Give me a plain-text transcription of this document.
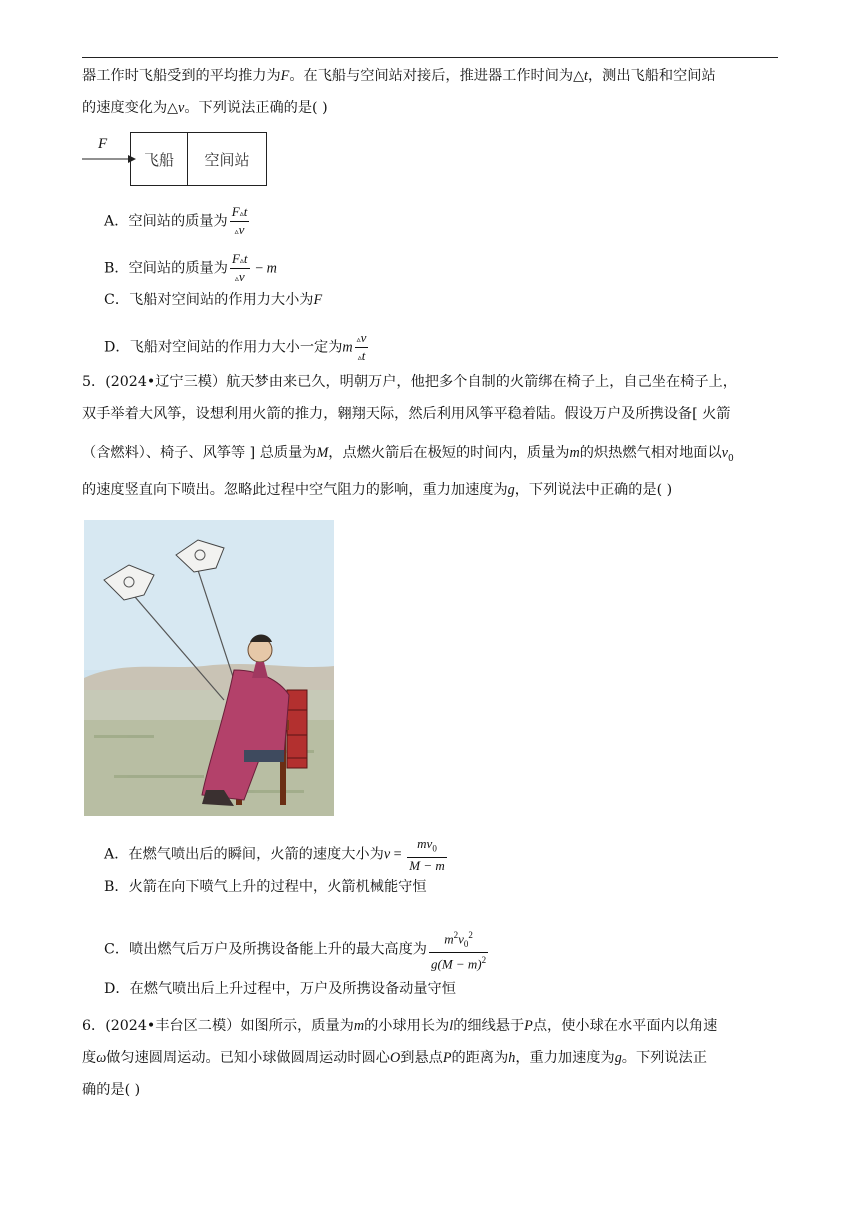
器工作时飞船受到的平均推力为F。在飞船与空间站对接后，推进器工作时间为△t，测出飞船和空间站
的速度变化为△v。下列说法正确的是( )
F
飞船	空间站
A．空间站的质量为 $\frac{F▵t}{▵v}$
B．空间站的质量为 $\frac{F▵t}{▵v} - m$
C．飞船对空间站的作用力大小为F
D．飞船对空间站的作用力大小一定为m $\frac{▵v}{▵t}$
5．(2024•辽宁三模）航天梦由来已久，明朝万户，他把多个自制的火箭绑在椅子上，自己坐在椅子上，
双手举着大风筝，设想利用火箭的推力，翱翔天际，然后利用风筝平稳着陆。假设万户及所携设备[ 火箭
（含燃料）、椅子、风筝等 ] 总质量为M，点燃火箭后在极短的时间内，质量为m的炽热燃气相对地面以$v_0$
的速度竖直向下喷出。忽略此过程中空气阻力的影响，重力加速度为g，下列说法中正确的是( )
A．在燃气喷出后的瞬间，火箭的速度大小为$v = \frac{mv_0}{M - m}$
B．火箭在向下喷气上升的过程中，火箭机械能守恒
C．喷出燃气后万户及所携设备能上升的最大高度为 $\frac{m^2v_0^2}{g(M - m)^2}$
D．在燃气喷出后上升过程中，万户及所携设备动量守恒
6．(2024•丰台区二模）如图所示，质量为m的小球用长为l的细线悬于P点，使小球在水平面内以角速
度ω做匀速圆周运动。已知小球做圆周运动时圆心O到悬点P的距离为h，重力加速度为g。下列说法正
确的是( )
